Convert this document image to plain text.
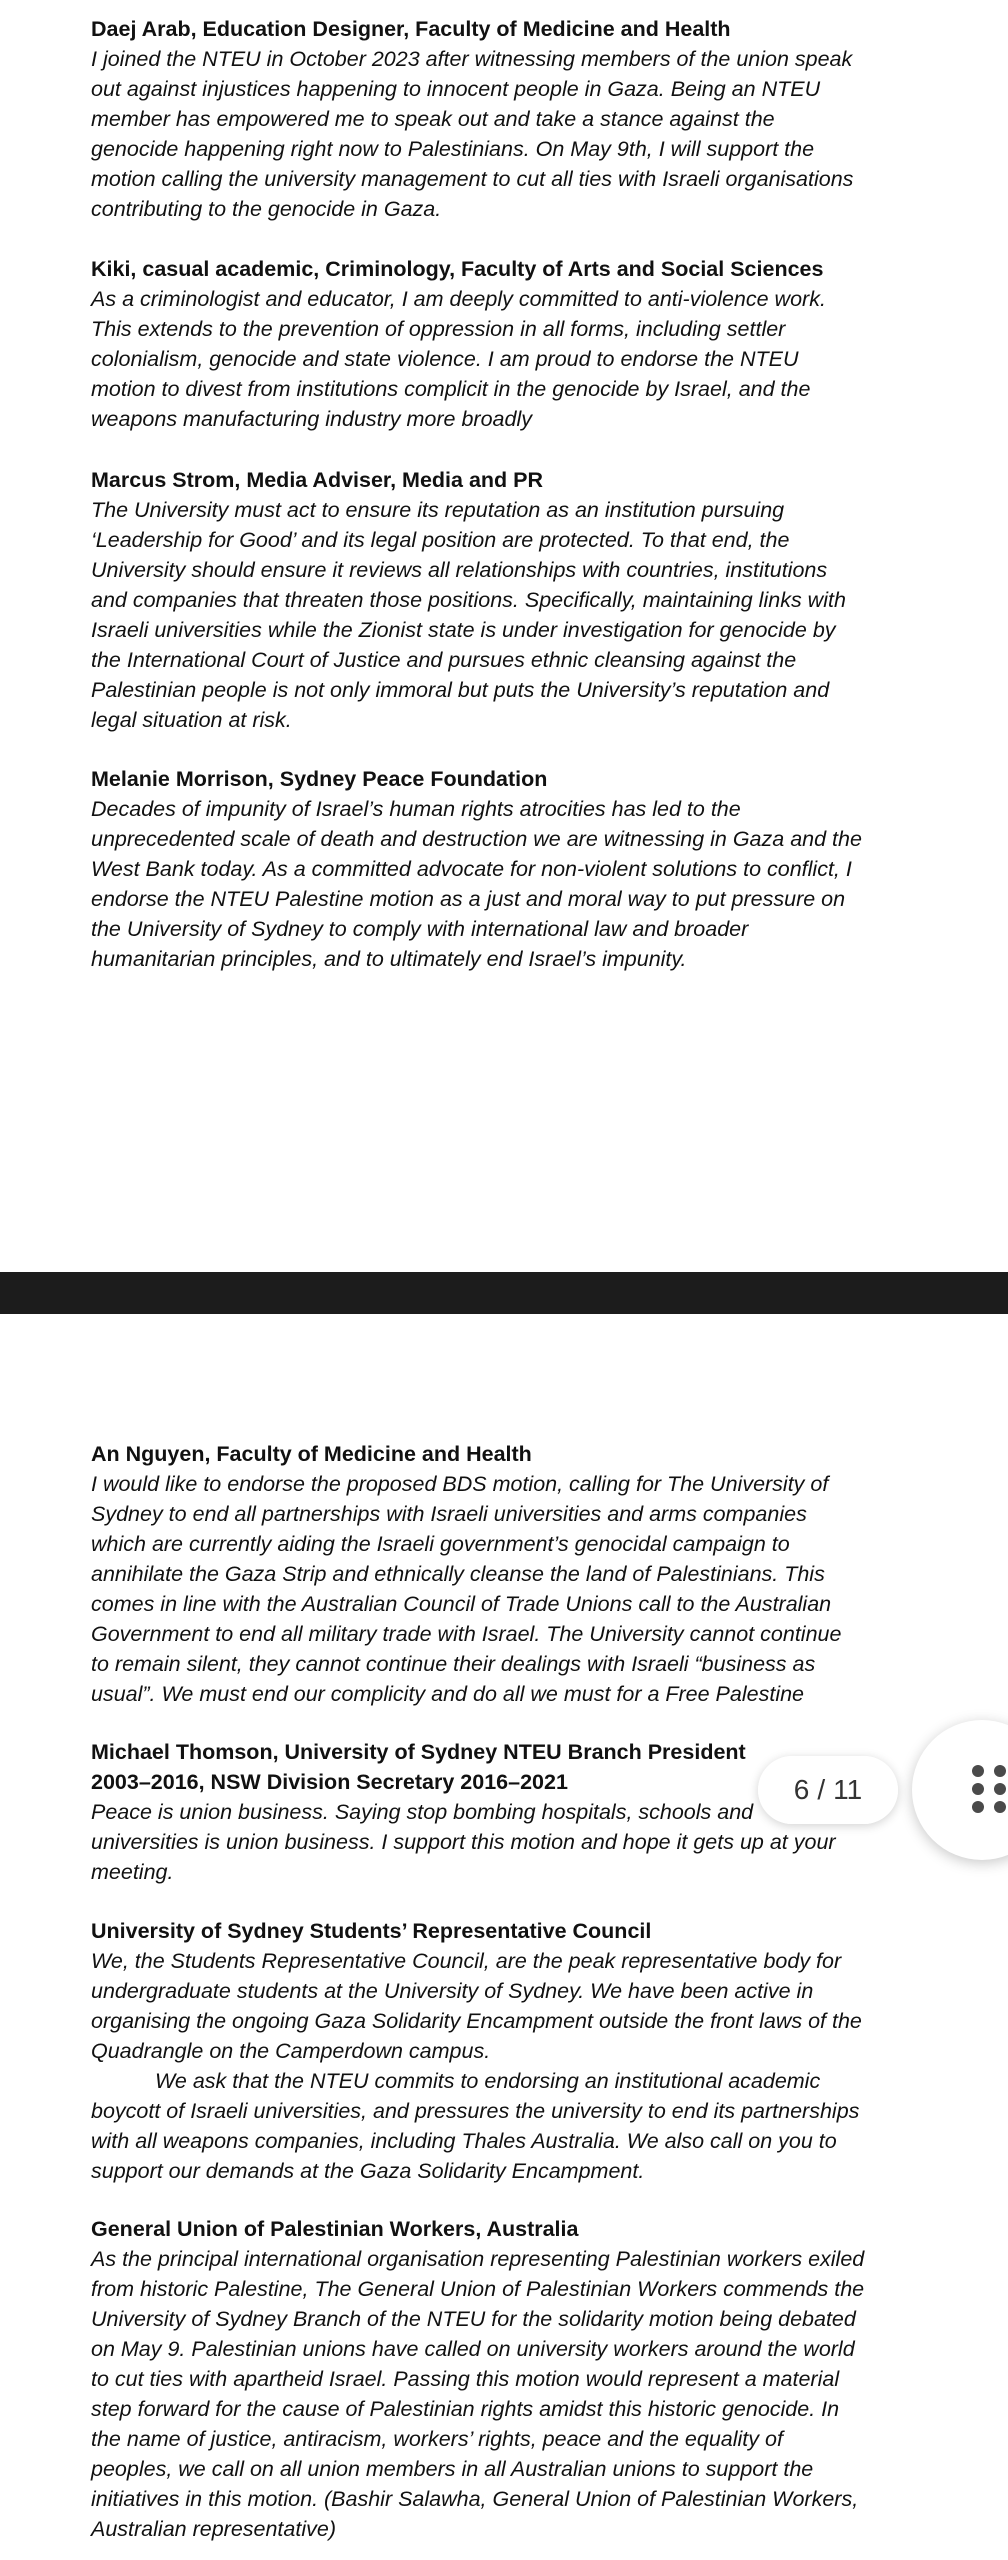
Daej Arab, Education Designer, Faculty of Medicine and Health
I joined the NTEU in October 2023 after witnessing members of the union speak
out against injustices happening to innocent people in Gaza. Being an NTEU
member has empowered me to speak out and take a stance against the
genocide happening right now to Palestinians. On May 9th, I will support the
motion calling the university management to cut all ties with Israeli organisations
contributing to the genocide in Gaza.
Kiki, casual academic, Criminology, Faculty of Arts and Social Sciences
As a criminologist and educator, I am deeply committed to anti-violence work.
This extends to the prevention of oppression in all forms, including settler
colonialism, genocide and state violence. I am proud to endorse the NTEU
motion to divest from institutions complicit in the genocide by Israel, and the
weapons manufacturing industry more broadly
Marcus Strom, Media Adviser, Media and PR
The University must act to ensure its reputation as an institution pursuing
‘Leadership for Good’ and its legal position are protected. To that end, the
University should ensure it reviews all relationships with countries, institutions
and companies that threaten those positions. Specifically, maintaining links with
Israeli universities while the Zionist state is under investigation for genocide by
the International Court of Justice and pursues ethnic cleansing against the
Palestinian people is not only immoral but puts the University’s reputation and
legal situation at risk.
Melanie Morrison, Sydney Peace Foundation
Decades of impunity of Israel’s human rights atrocities has led to the
unprecedented scale of death and destruction we are witnessing in Gaza and the
West Bank today. As a committed advocate for non-violent solutions to conflict, I
endorse the NTEU Palestine motion as a just and moral way to put pressure on
the University of Sydney to comply with international law and broader
humanitarian principles, and to ultimately end Israel’s impunity.
An Nguyen, Faculty of Medicine and Health
I would like to endorse the proposed BDS motion, calling for The University of
Sydney to end all partnerships with Israeli universities and arms companies
which are currently aiding the Israeli government’s genocidal campaign to
annihilate the Gaza Strip and ethnically cleanse the land of Palestinians. This
comes in line with the Australian Council of Trade Unions call to the Australian
Government to end all military trade with Israel. The University cannot continue
to remain silent, they cannot continue their dealings with Israeli “business as
usual”. We must end our complicity and do all we must for a Free Palestine
Michael Thomson, University of Sydney NTEU Branch President
2003–2016, NSW Division Secretary 2016–2021
Peace is union business. Saying stop bombing hospitals, schools and
universities is union business. I support this motion and hope it gets up at your
meeting.
University of Sydney Students’ Representative Council
We, the Students Representative Council, are the peak representative body for
undergraduate students at the University of Sydney. We have been active in
organising the ongoing Gaza Solidarity Encampment outside the front laws of the
Quadrangle on the Camperdown campus.
We ask that the NTEU commits to endorsing an institutional academic
boycott of Israeli universities, and pressures the university to end its partnerships
with all weapons companies, including Thales Australia. We also call on you to
support our demands at the Gaza Solidarity Encampment.
General Union of Palestinian Workers, Australia
As the principal international organisation representing Palestinian workers exiled
from historic Palestine, The General Union of Palestinian Workers commends the
University of Sydney Branch of the NTEU for the solidarity motion being debated
on May 9. Palestinian unions have called on university workers around the world
to cut ties with apartheid Israel. Passing this motion would represent a material
step forward for the cause of Palestinian rights amidst this historic genocide. In
the name of justice, antiracism, workers’ rights, peace and the equality of
peoples, we call on all union members in all Australian unions to support the
initiatives in this motion. (Bashir Salawha, General Union of Palestinian Workers,
Australian representative)
6 / 11
